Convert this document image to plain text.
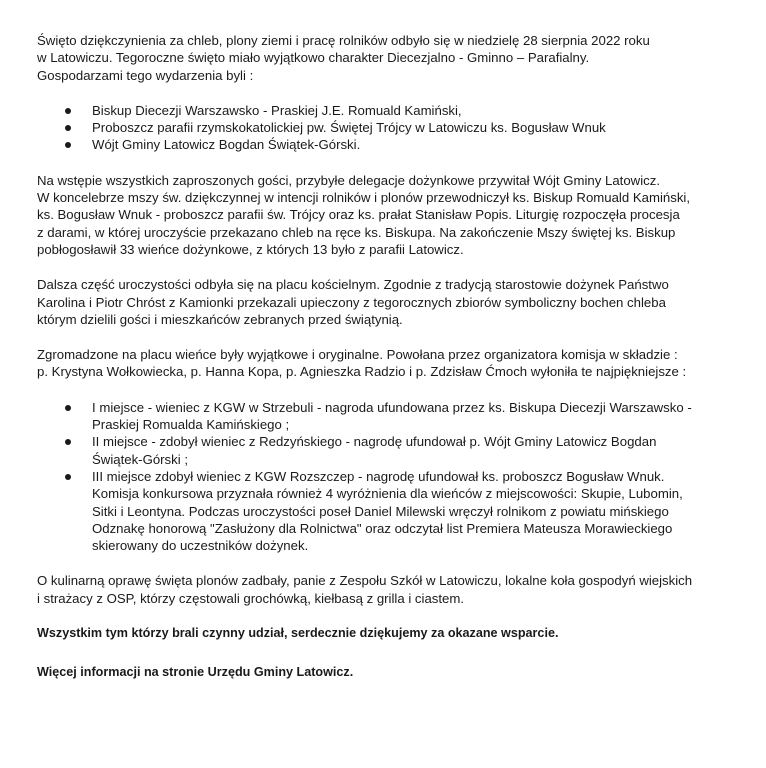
Święto dziękczynienia za chleb, plony ziemi i pracę rolników odbyło się w niedzielę 28 sierpnia 2022 roku
w Latowiczu. Tegoroczne święto miało wyjątkowo charakter Diecezjalno - Gminno – Parafialny.
Gospodarzami tego wydarzenia byli :
Biskup Diecezji Warszawsko - Praskiej J.E. Romuald Kamiński,
Proboszcz parafii rzymskokatolickiej pw. Świętej Trójcy w Latowiczu ks. Bogusław Wnuk
Wójt Gminy Latowicz Bogdan Świątek-Górski.
Na wstępie wszystkich zaproszonych gości, przybyłe delegacje dożynkowe przywitał Wójt Gminy Latowicz.
W koncelebrze mszy św. dziękczynnej w intencji rolników i plonów przewodniczył ks. Biskup Romuald Kamiński,
ks. Bogusław Wnuk - proboszcz parafii św. Trójcy oraz ks. prałat Stanisław Popis. Liturgię rozpoczęła procesja
z darami, w której uroczyście przekazano chleb na ręce ks. Biskupa. Na zakończenie Mszy świętej ks. Biskup
pobłogosławił 33 wieńce dożynkowe, z których 13 było z parafii Latowicz.
Dalsza część uroczystości odbyła się na placu kościelnym. Zgodnie z tradycją starostowie dożynek Państwo
Karolina i Piotr Chróst z Kamionki przekazali upieczony z tegorocznych zbiorów symboliczny bochen chleba
którym dzielili gości i mieszkańców zebranych przed świątynią.
Zgromadzone na placu wieńce były wyjątkowe i oryginalne. Powołana przez organizatora komisja w składzie :
p. Krystyna Wołkowiecka, p. Hanna Kopa, p. Agnieszka Radzio i p. Zdzisław Ćmoch wyłoniła te najpiękniejsze :
I miejsce - wieniec z KGW w Strzebuli - nagroda ufundowana przez ks. Biskupa Diecezji Warszawsko -
Praskiej Romualda Kamińskiego ;
II miejsce - zdobył wieniec z Redzyńskiego - nagrodę ufundował p. Wójt Gminy Latowicz Bogdan
Świątek-Górski ;
III miejsce zdobył wieniec z KGW Rozszczep - nagrodę ufundował ks. proboszcz Bogusław Wnuk.
Komisja konkursowa przyznała również 4 wyróżnienia dla wieńców z miejscowości: Skupie, Lubomin,
Sitki i Leontyna. Podczas uroczystości poseł Daniel Milewski wręczył rolnikom z powiatu mińskiego
Odznakę honorową "Zasłużony dla Rolnictwa" oraz odczytał list Premiera Mateusza Morawieckiego
skierowany do uczestników dożynek.
O kulinarną oprawę święta plonów zadbały, panie z Zespołu Szkół w Latowiczu, lokalne koła gospodyń wiejskich
i strażacy z OSP, którzy częstowali grochówką, kiełbasą z grilla i ciastem.
Wszystkim tym którzy brali czynny udział, serdecznie dziękujemy za okazane wsparcie.
Więcej informacji na stronie Urzędu Gminy Latowicz.
